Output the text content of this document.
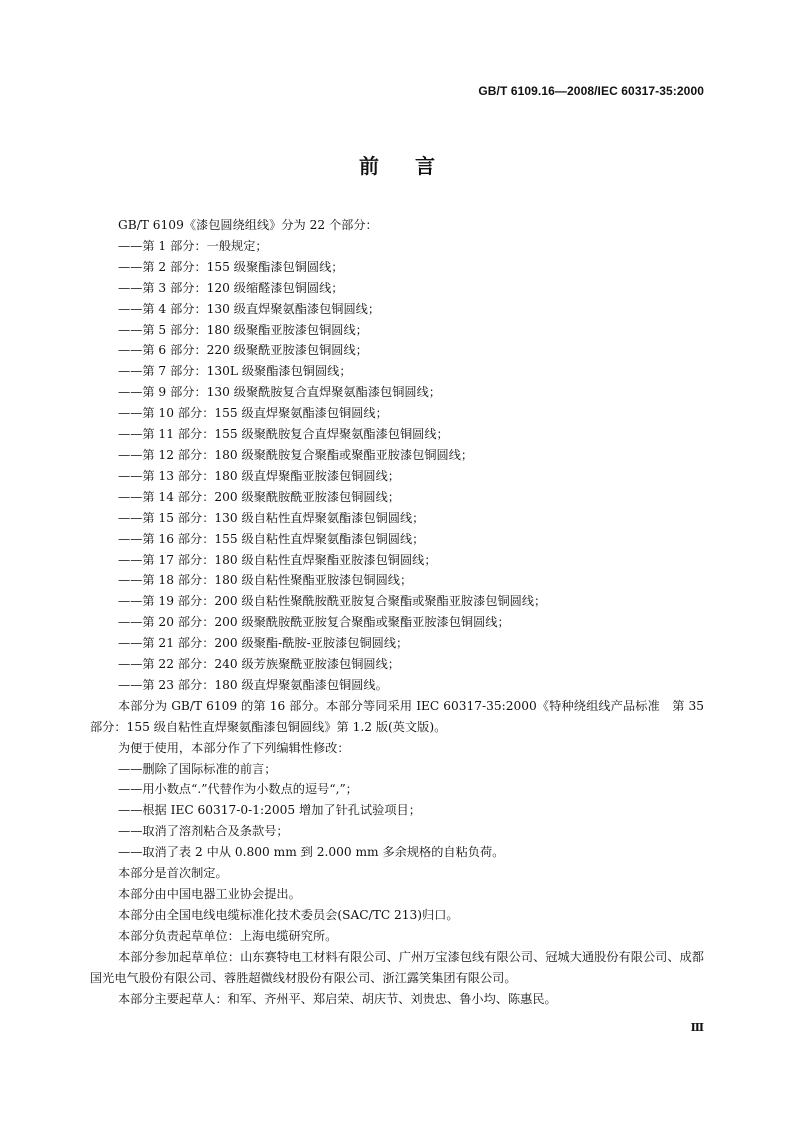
GB/T 6109.16—2008/IEC 60317-35:2000
前言

GB/T 6109《漆包圆绕组线》分为 22 个部分：

——第 1 部分：一般规定；

——第 2 部分：155 级聚酯漆包铜圆线；

——第 3 部分：120 级缩醛漆包铜圆线；

——第 4 部分：130 级直焊聚氨酯漆包铜圆线；

——第 5 部分：180 级聚酯亚胺漆包铜圆线；

——第 6 部分：220 级聚酰亚胺漆包铜圆线；

——第 7 部分：130L 级聚酯漆包铜圆线；

——第 9 部分：130 级聚酰胺复合直焊聚氨酯漆包铜圆线；

——第 10 部分：155 级直焊聚氨酯漆包铜圆线；

——第 11 部分：155 级聚酰胺复合直焊聚氨酯漆包铜圆线；

——第 12 部分：180 级聚酰胺复合聚酯或聚酯亚胺漆包铜圆线；

——第 13 部分：180 级直焊聚酯亚胺漆包铜圆线；

——第 14 部分：200 级聚酰胺酰亚胺漆包铜圆线；

——第 15 部分：130 级自粘性直焊聚氨酯漆包铜圆线；

——第 16 部分：155 级自粘性直焊聚氨酯漆包铜圆线；

——第 17 部分：180 级自粘性直焊聚酯亚胺漆包铜圆线；

——第 18 部分：180 级自粘性聚酯亚胺漆包铜圆线；

——第 19 部分：200 级自粘性聚酰胺酰亚胺复合聚酯或聚酯亚胺漆包铜圆线；

——第 20 部分：200 级聚酰胺酰亚胺复合聚酯或聚酯亚胺漆包铜圆线；

——第 21 部分：200 级聚酯-酰胺-亚胺漆包铜圆线；

——第 22 部分：240 级芳族聚酰亚胺漆包铜圆线；

——第 23 部分：180 级直焊聚氨酯漆包铜圆线。

本部分为 GB/T 6109 的第 16 部分。本部分等同采用 IEC 60317-35:2000《特种绕组线产品标准　第 35 部分：155 级自粘性直焊聚氨酯漆包铜圆线》第 1.2 版(英文版)。

为便于使用，本部分作了下列编辑性修改：

——删除了国际标准的前言；

——用小数点“.”代替作为小数点的逗号“,”；

——根据 IEC 60317-0-1:2005 增加了针孔试验项目；

——取消了溶剂粘合及条款号；

——取消了表 2 中从 0.800 mm 到 2.000 mm 多余规格的自粘负荷。

本部分是首次制定。

本部分由中国电器工业协会提出。

本部分由全国电线电缆标准化技术委员会(SAC/TC 213)归口。

本部分负责起草单位：上海电缆研究所。

本部分参加起草单位：山东赛特电工材料有限公司、广州万宝漆包线有限公司、冠城大通股份有限公司、成都国光电气股份有限公司、蓉胜超微线材股份有限公司、浙江露笑集团有限公司。

本部分主要起草人：和军、齐州平、郑启荣、胡庆节、刘贵忠、鲁小均、陈惠民。

Ⅲ
